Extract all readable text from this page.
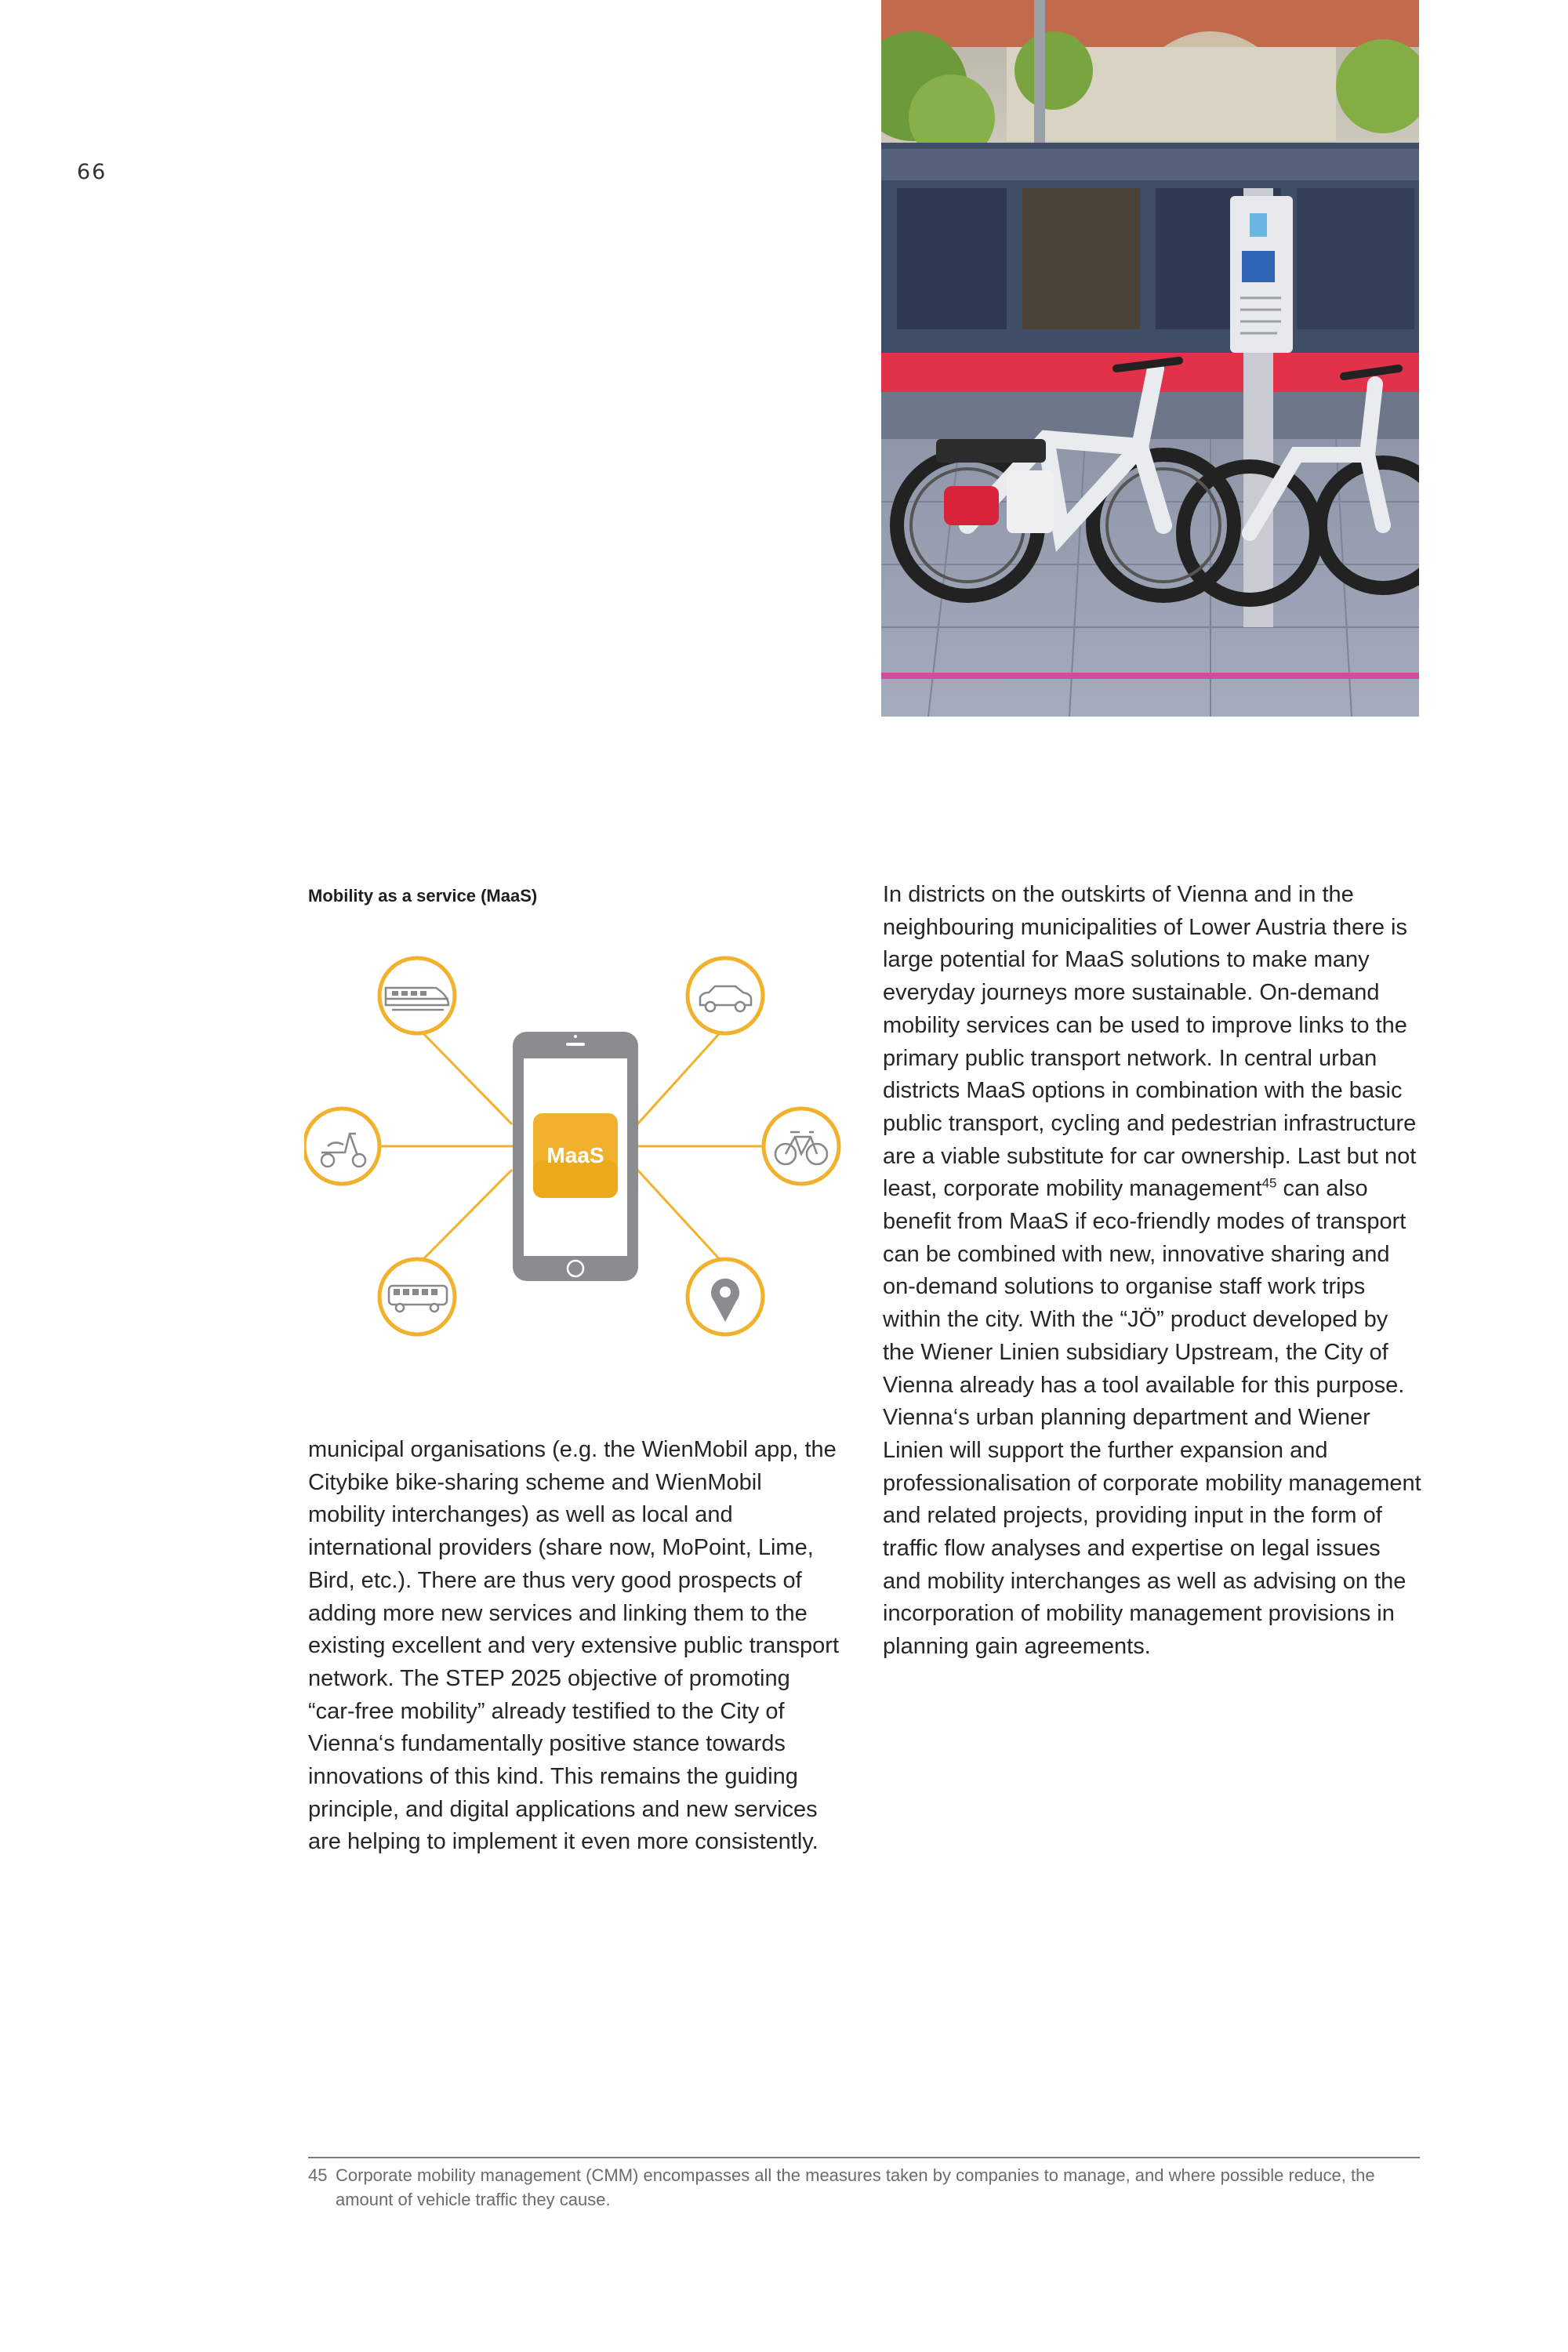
66
Mobility as a service (MaaS)
MaaS

municipal organisations (e.g. the WienMobil app, the Citybike bike-sharing scheme and WienMobil mobility interchanges) as well as local and international providers (share now, MoPoint, Lime, Bird, etc.). There are thus very good prospects of adding more new services and linking them to the existing excellent and very extensive public transport network. The STEP 2025 objective of promoting “car-free mobility” already testified to the City of Vienna‘s fundamentally positive stance towards innovations of this kind. This remains the guiding principle, and digital applications and new services are helping to implement it even more consistently.

In districts on the outskirts of Vienna and in the neighbouring municipalities of Lower Austria there is large potential for MaaS solutions to make many everyday journeys more sustainable. On-demand mobility services can be used to improve links to the primary public transport network. In central urban districts MaaS options in combination with the basic public transport, cycling and pedestrian infrastructure are a viable substitute for car ownership. Last but not least, corporate mobility management$^{45}$ can also benefit from MaaS if eco-friendly modes of transport can be combined with new, innovative sharing and on-demand solutions to organise staff work trips within the city. With the “JÖ” product developed by the Wiener Linien subsidiary Upstream, the City of Vienna already has a tool available for this purpose. Vienna‘s urban planning department and Wiener Linien will support the further expansion and professionalisation of corporate mobility management and related projects, providing input in the form of traffic flow analyses and expertise on legal issues and mobility interchanges as well as advising on the incorporation of mobility management provisions in planning gain agreements.

45 Corporate mobility management (CMM) encompasses all the measures taken by companies to manage, and where possible reduce, the amount of vehicle traffic they cause.
